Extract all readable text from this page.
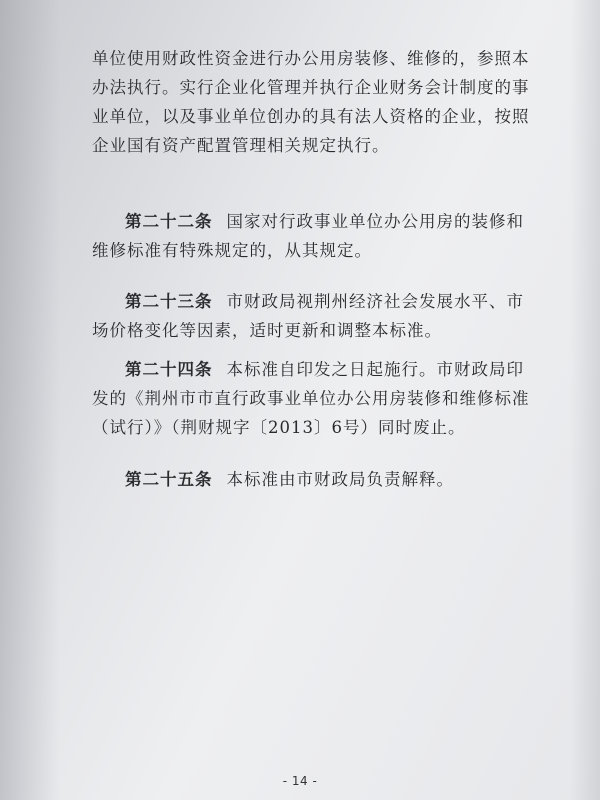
单位使用财政性资金进行办公用房装修、维修的，参照本办法执行。实行企业化管理并执行企业财务会计制度的事业单位，以及事业单位创办的具有法人资格的企业，按照企业国有资产配置管理相关规定执行。

第二十二条 国家对行政事业单位办公用房的装修和维修标准有特殊规定的，从其规定。

第二十三条 市财政局视荆州经济社会发展水平、市场价格变化等因素，适时更新和调整本标准。

第二十四条 本标准自印发之日起施行。市财政局印发的《荆州市市直行政事业单位办公用房装修和维修标准（试行）》（荆财规字〔2013〕6号）同时废止。

第二十五条 本标准由市财政局负责解释。

- 14 -
